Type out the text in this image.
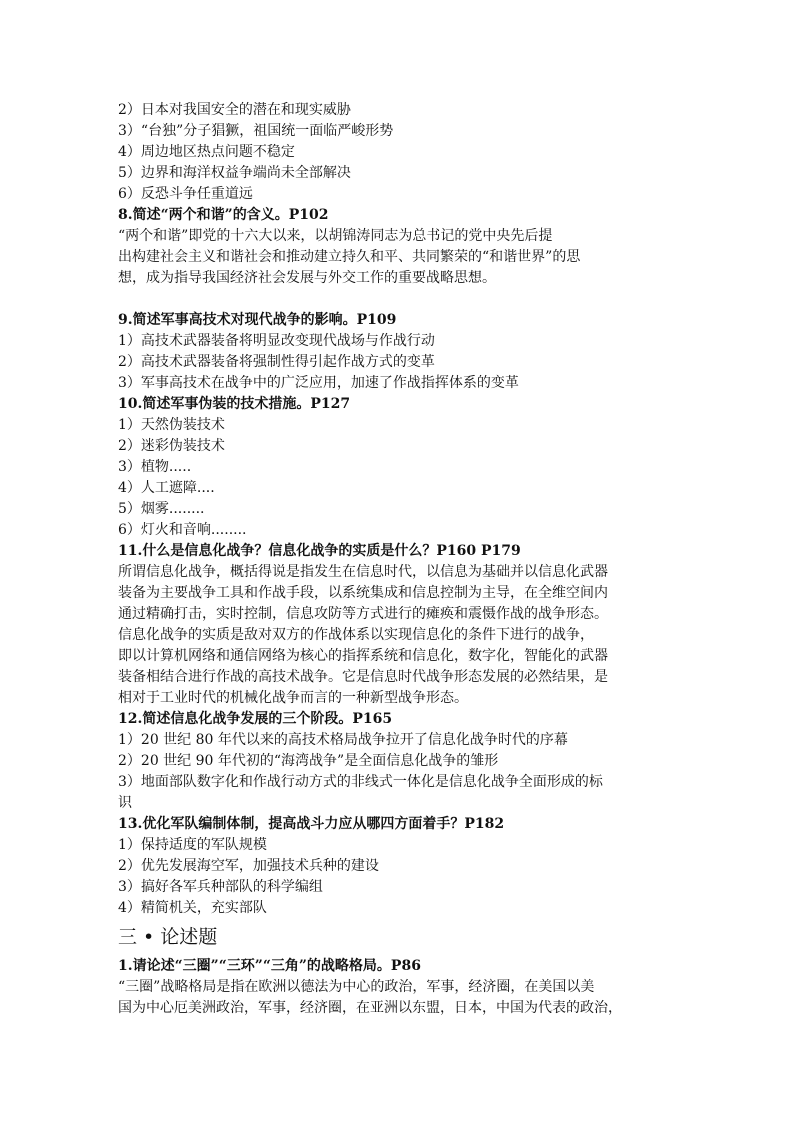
2）日本对我国安全的潜在和现实威胁
3）“台独”分子猖獗，祖国统一面临严峻形势
4）周边地区热点问题不稳定
5）边界和海洋权益争端尚未全部解决
6）反恐斗争任重道远
8.简述“两个和谐”的含义。P102
“两个和谐”即党的十六大以来，以胡锦涛同志为总书记的党中央先后提
出构建社会主义和谐社会和推动建立持久和平、共同繁荣的“和谐世界”的思
想，成为指导我国经济社会发展与外交工作的重要战略思想。
9.简述军事高技术对现代战争的影响。P109
1）高技术武器装备将明显改变现代战场与作战行动
2）高技术武器装备将强制性得引起作战方式的变革
3）军事高技术在战争中的广泛应用，加速了作战指挥体系的变革
10.简述军事伪装的技术措施。P127
1）天然伪装技术
2）迷彩伪装技术
3）植物.....
4）人工遮障....
5）烟雾........
6）灯火和音响........
11.什么是信息化战争？信息化战争的实质是什么？P160 P179
所谓信息化战争，概括得说是指发生在信息时代，以信息为基础并以信息化武器
装备为主要战争工具和作战手段，以系统集成和信息控制为主导，在全维空间内
通过精确打击，实时控制，信息攻防等方式进行的瘫痪和震慑作战的战争形态。
信息化战争的实质是敌对双方的作战体系以实现信息化的条件下进行的战争，
即以计算机网络和通信网络为核心的指挥系统和信息化，数字化，智能化的武器
装备相结合进行作战的高技术战争。它是信息时代战争形态发展的必然结果，是
相对于工业时代的机械化战争而言的一种新型战争形态。
12.简述信息化战争发展的三个阶段。P165
1）20 世纪 80 年代以来的高技术格局战争拉开了信息化战争时代的序幕
2）20 世纪 90 年代初的“海湾战争”是全面信息化战争的雏形
3）地面部队数字化和作战行动方式的非线式一体化是信息化战争全面形成的标
识
13.优化军队编制体制，提高战斗力应从哪四方面着手？P182
1）保持适度的军队规模
2）优先发展海空军，加强技术兵种的建设
3）搞好各军兵种部队的科学编组
4）精简机关，充实部队
三 • 论述题
1.请论述“三圈”“三环”“三角”的战略格局。P86
“三圈”战略格局是指在欧洲以德法为中心的政治，军事，经济圈，在美国以美
国为中心厄美洲政治，军事，经济圈，在亚洲以东盟，日本，中国为代表的政治，
